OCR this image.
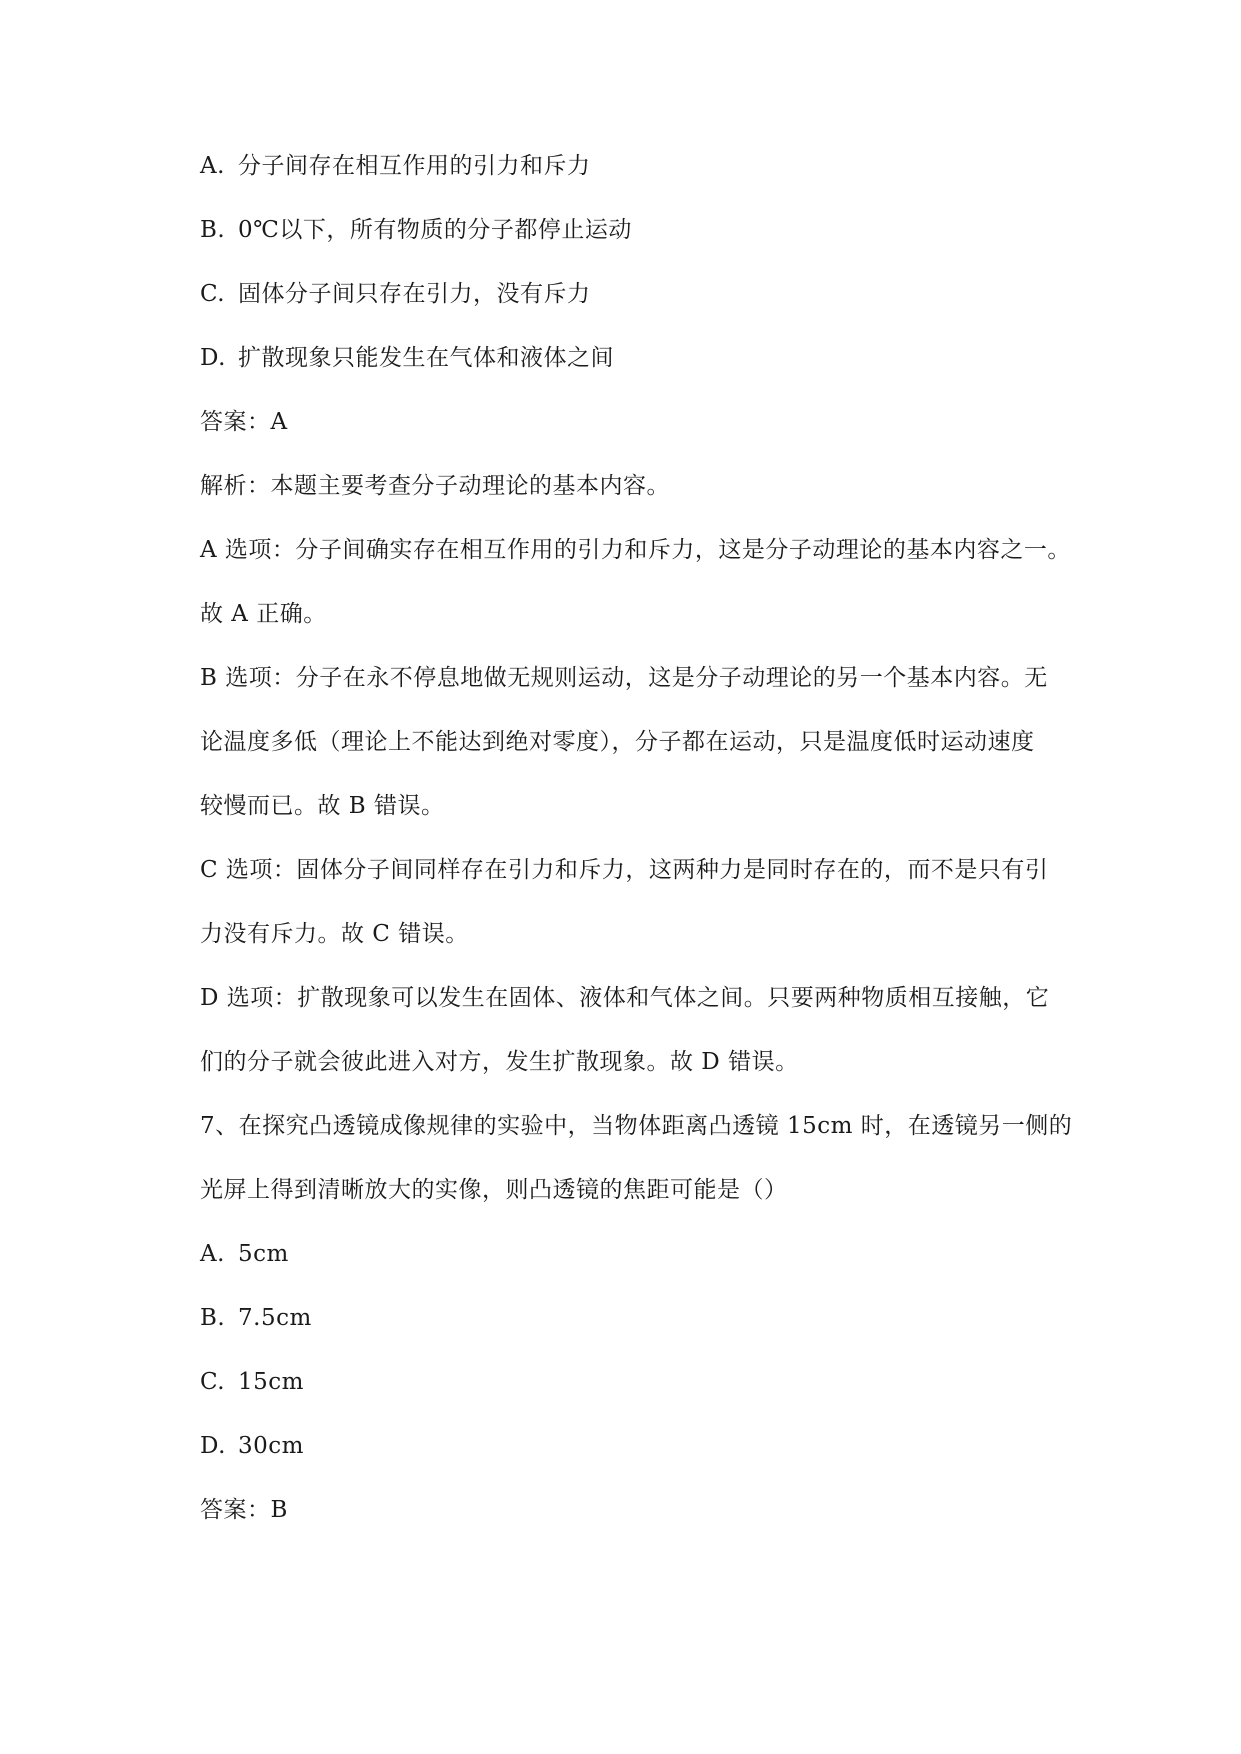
A. 分子间存在相互作用的引力和斥力
B. 0℃以下，所有物质的分子都停止运动
C. 固体分子间只存在引力，没有斥力
D. 扩散现象只能发生在气体和液体之间
答案：A
解析：本题主要考查分子动理论的基本内容。
A 选项：分子间确实存在相互作用的引力和斥力，这是分子动理论的基本内容之一。
故 A 正确。
B 选项：分子在永不停息地做无规则运动，这是分子动理论的另一个基本内容。无
论温度多低（理论上不能达到绝对零度），分子都在运动，只是温度低时运动速度
较慢而已。故 B 错误。
C 选项：固体分子间同样存在引力和斥力，这两种力是同时存在的，而不是只有引
力没有斥力。故 C 错误。
D 选项：扩散现象可以发生在固体、液体和气体之间。只要两种物质相互接触，它
们的分子就会彼此进入对方，发生扩散现象。故 D 错误。
7、在探究凸透镜成像规律的实验中，当物体距离凸透镜 15cm 时，在透镜另一侧的
光屏上得到清晰放大的实像，则凸透镜的焦距可能是（）
A. 5cm
B. 7.5cm
C. 15cm
D. 30cm
答案：B
